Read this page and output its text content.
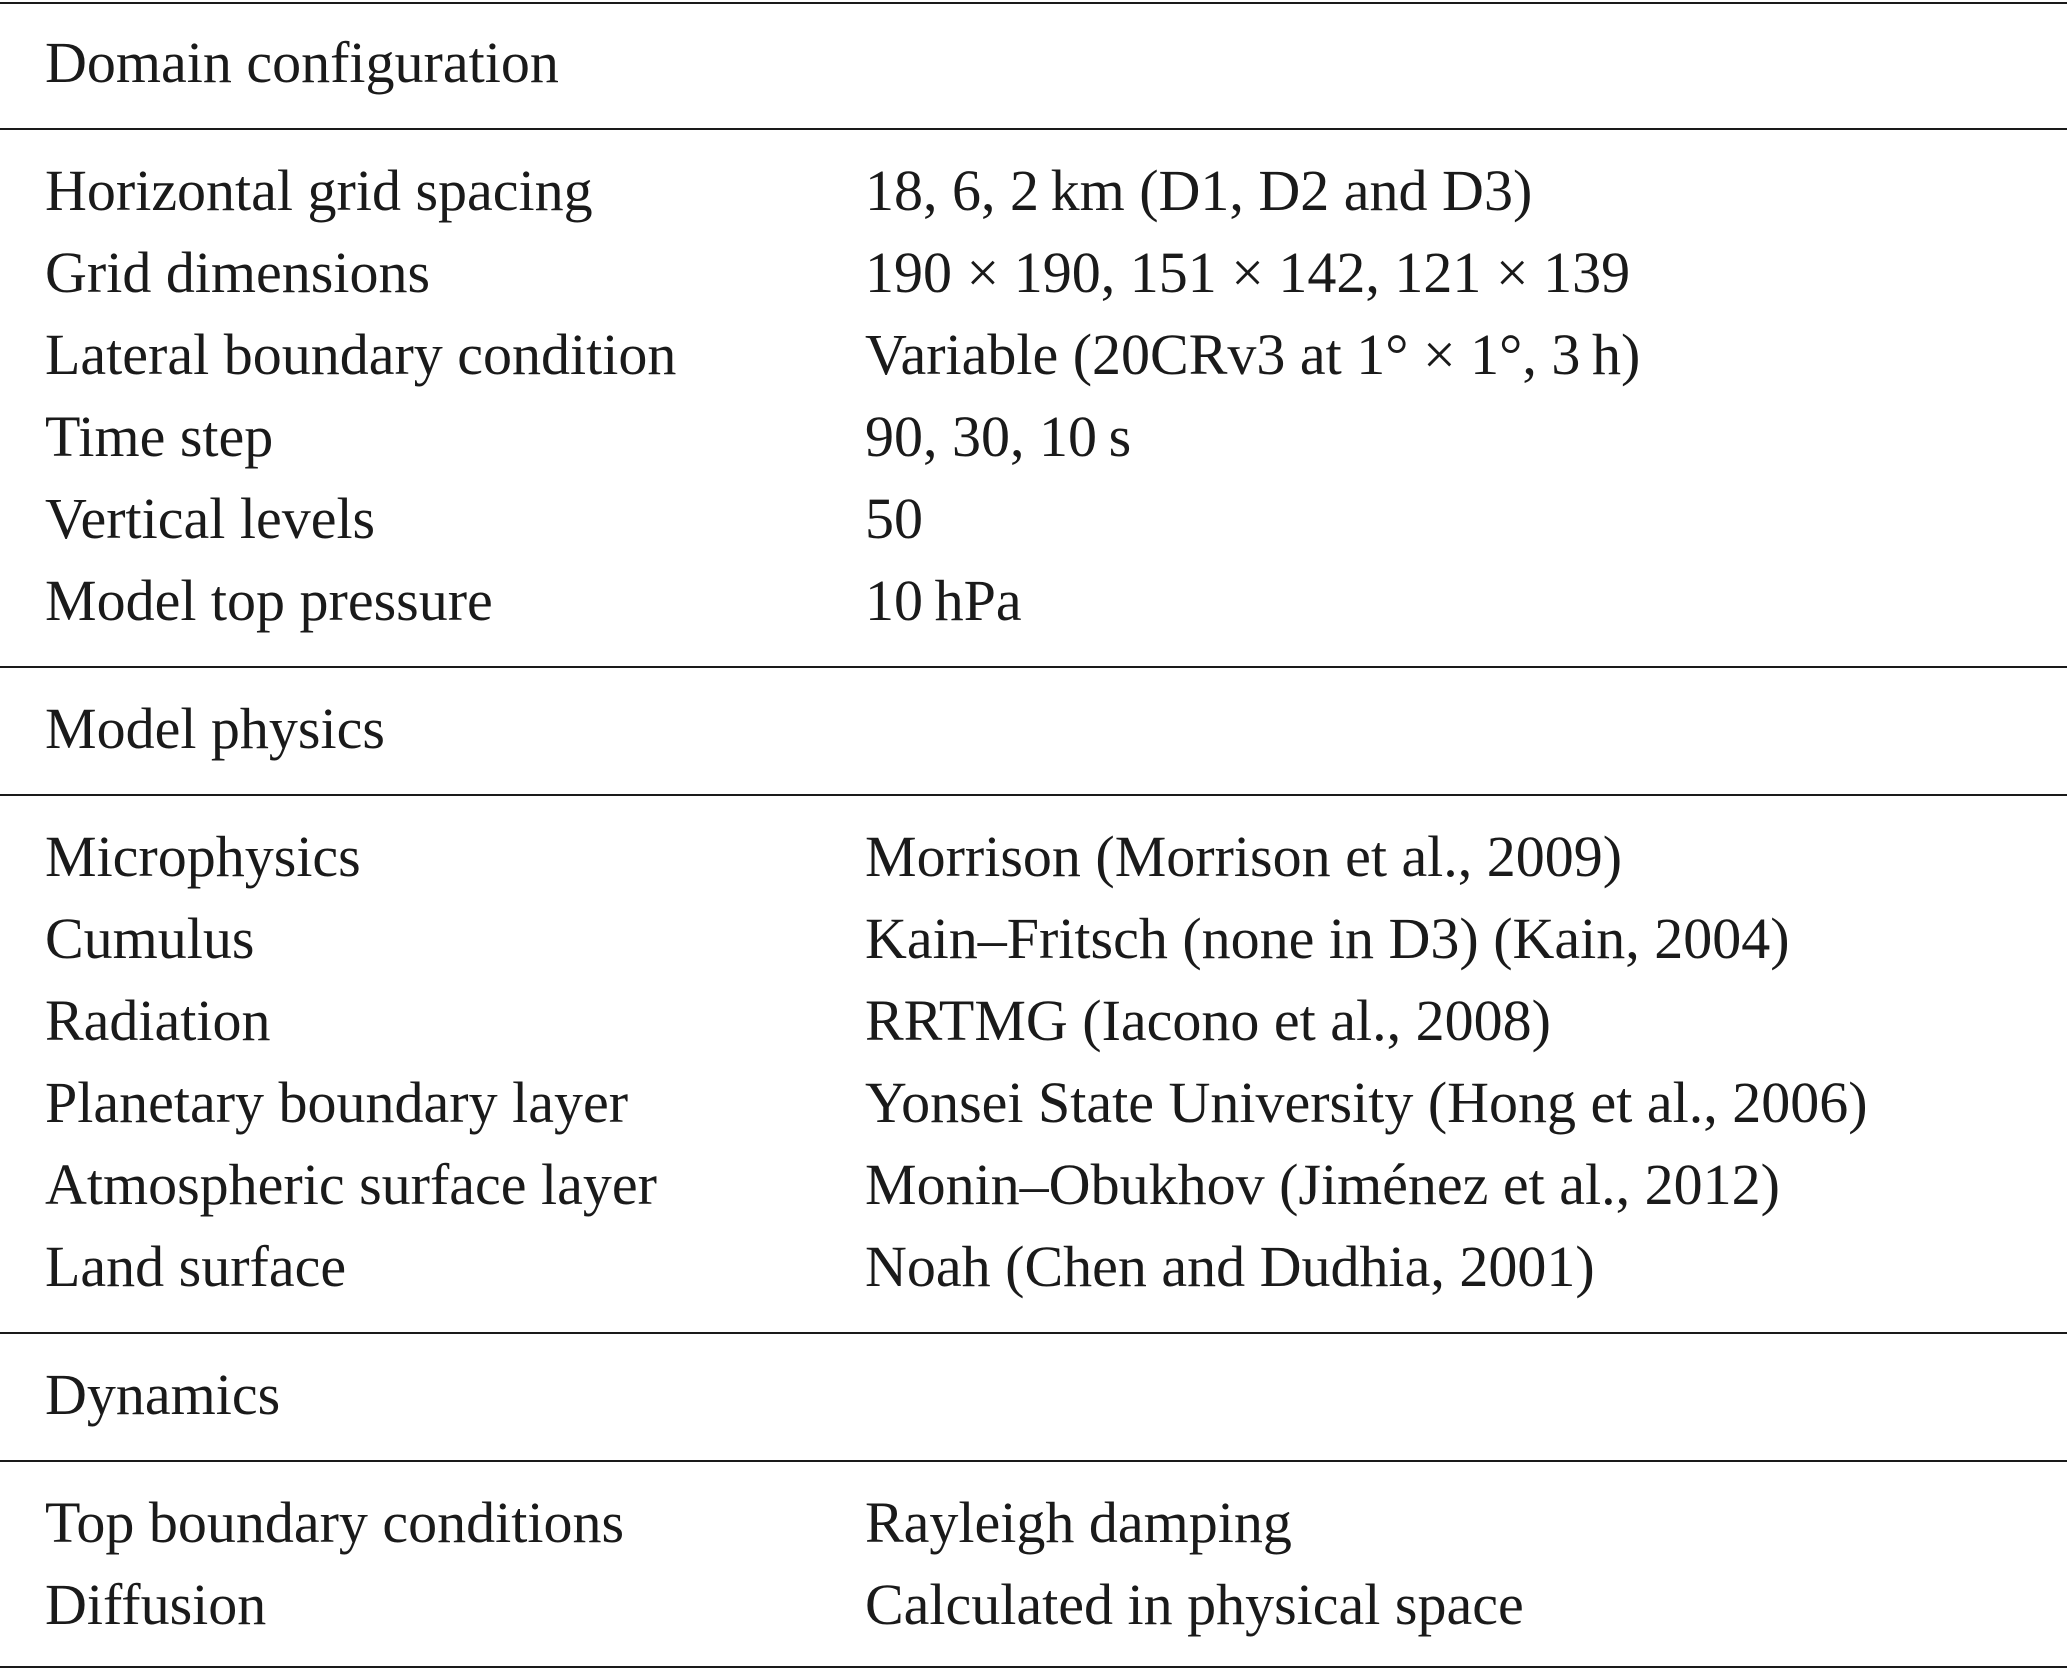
Domain configuration
Horizontal grid spacing	18, 6, 2 km (D1, D2 and D3)
Grid dimensions	190 × 190, 151 × 142, 121 × 139
Lateral boundary condition	Variable (20CRv3 at 1° × 1°, 3 h)
Time step	90, 30, 10 s
Vertical levels	50
Model top pressure	10 hPa
Model physics
Microphysics	Morrison (Morrison et al., 2009)
Cumulus	Kain–Fritsch (none in D3) (Kain, 2004)
Radiation	RRTMG (Iacono et al., 2008)
Planetary boundary layer	Yonsei State University (Hong et al., 2006)
Atmospheric surface layer	Monin–Obukhov (Jiménez et al., 2012)
Land surface	Noah (Chen and Dudhia, 2001)
Dynamics
Top boundary conditions	Rayleigh damping
Diffusion	Calculated in physical space
